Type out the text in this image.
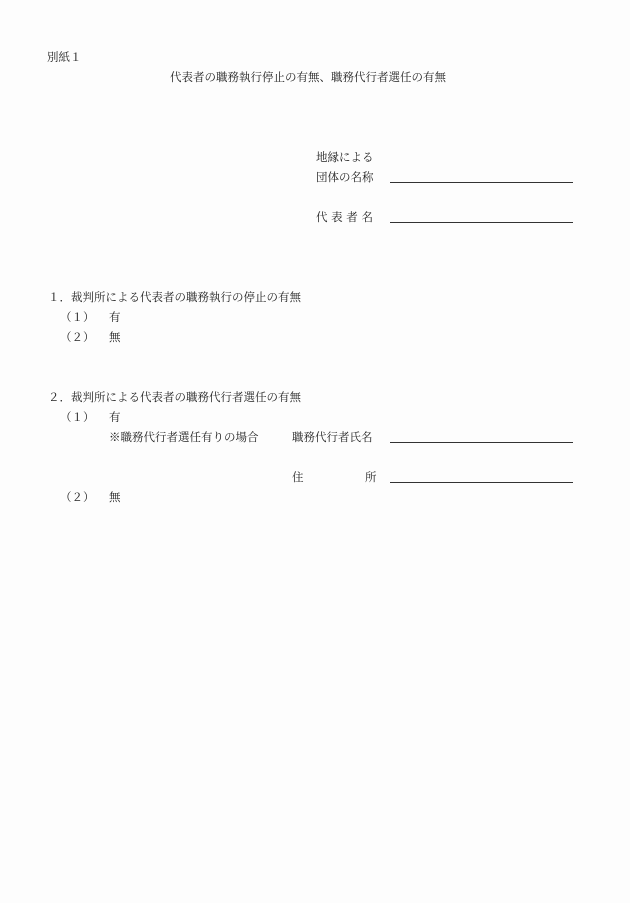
別紙１
代表者の職務執行停止の有無、職務代行者選任の有無
地縁による
団体の名称
代 表 者 名
１．裁判所による代表者の職務執行の停止の有無
（１） 有
（２） 無
２．裁判所による代表者の職務代行者選任の有無
（１） 有
※職務代行者選任有りの場合	職務代行者氏名
住	所
（２） 無
